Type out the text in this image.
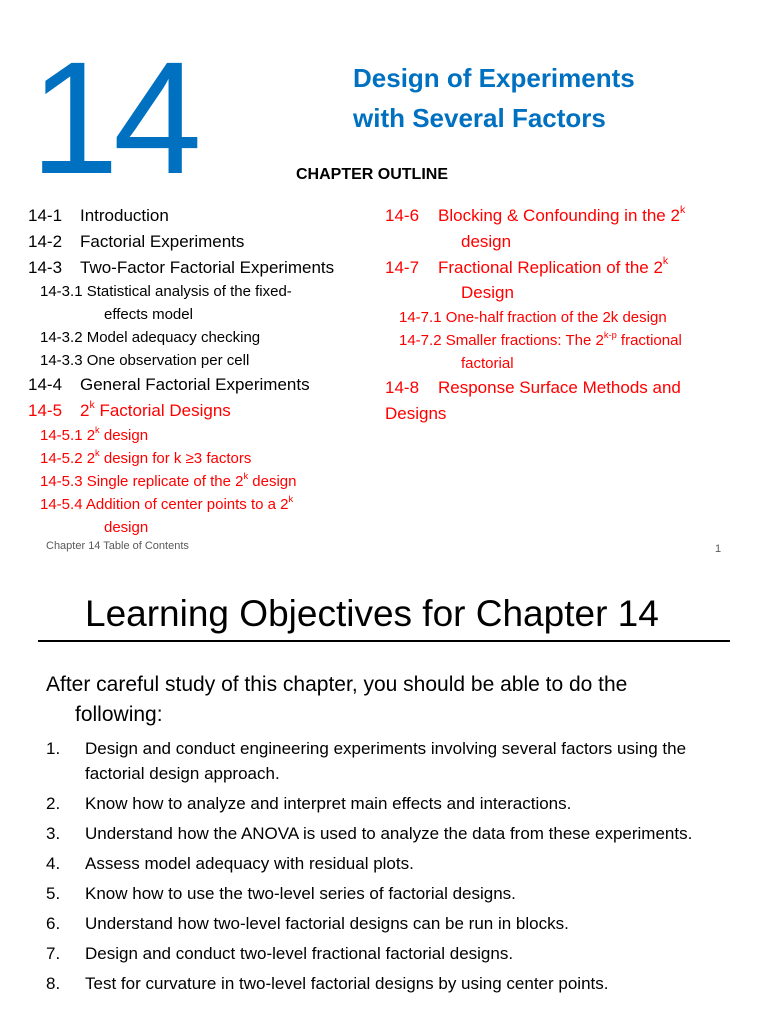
14	Design of Experiments
with Several Factors
CHAPTER OUTLINE
14-1 Introduction
14-2 Factorial Experiments
14-3 Two-Factor Factorial Experiments
14-3.1 Statistical analysis of the fixed-
effects model
14-3.2 Model adequacy checking
14-3.3 One observation per cell
14-4 General Factorial Experiments
14-5 2$^k$ Factorial Designs
14-5.1 2$^k$ design
14-5.2 2$^k$ design for k ≥3 factors
14-5.3 Single replicate of the 2$^k$ design
14-5.4 Addition of center points to a 2$^k$
design
14-6 Blocking & Confounding in the 2$^k$
design
14-7 Fractional Replication of the 2$^k$
Design
14-7.1 One-half fraction of the 2k design
14-7.2 Smaller fractions: The 2$^{k-p}$ fractional
factorial
14-8 Response Surface Methods and
Designs
Chapter 14 Table of Contents	1
Learning Objectives for Chapter 14
After careful study of this chapter, you should be able to do the
following:
1.	Design and conduct engineering experiments involving several factors using the factorial design approach.
2.	Know how to analyze and interpret main effects and interactions.
3.	Understand how the ANOVA is used to analyze the data from these experiments.
4.	Assess model adequacy with residual plots.
5.	Know how to use the two-level series of factorial designs.
6.	Understand how two-level factorial designs can be run in blocks.
7.	Design and conduct two-level fractional factorial designs.
8.	Test for curvature in two-level factorial designs by using center points.
